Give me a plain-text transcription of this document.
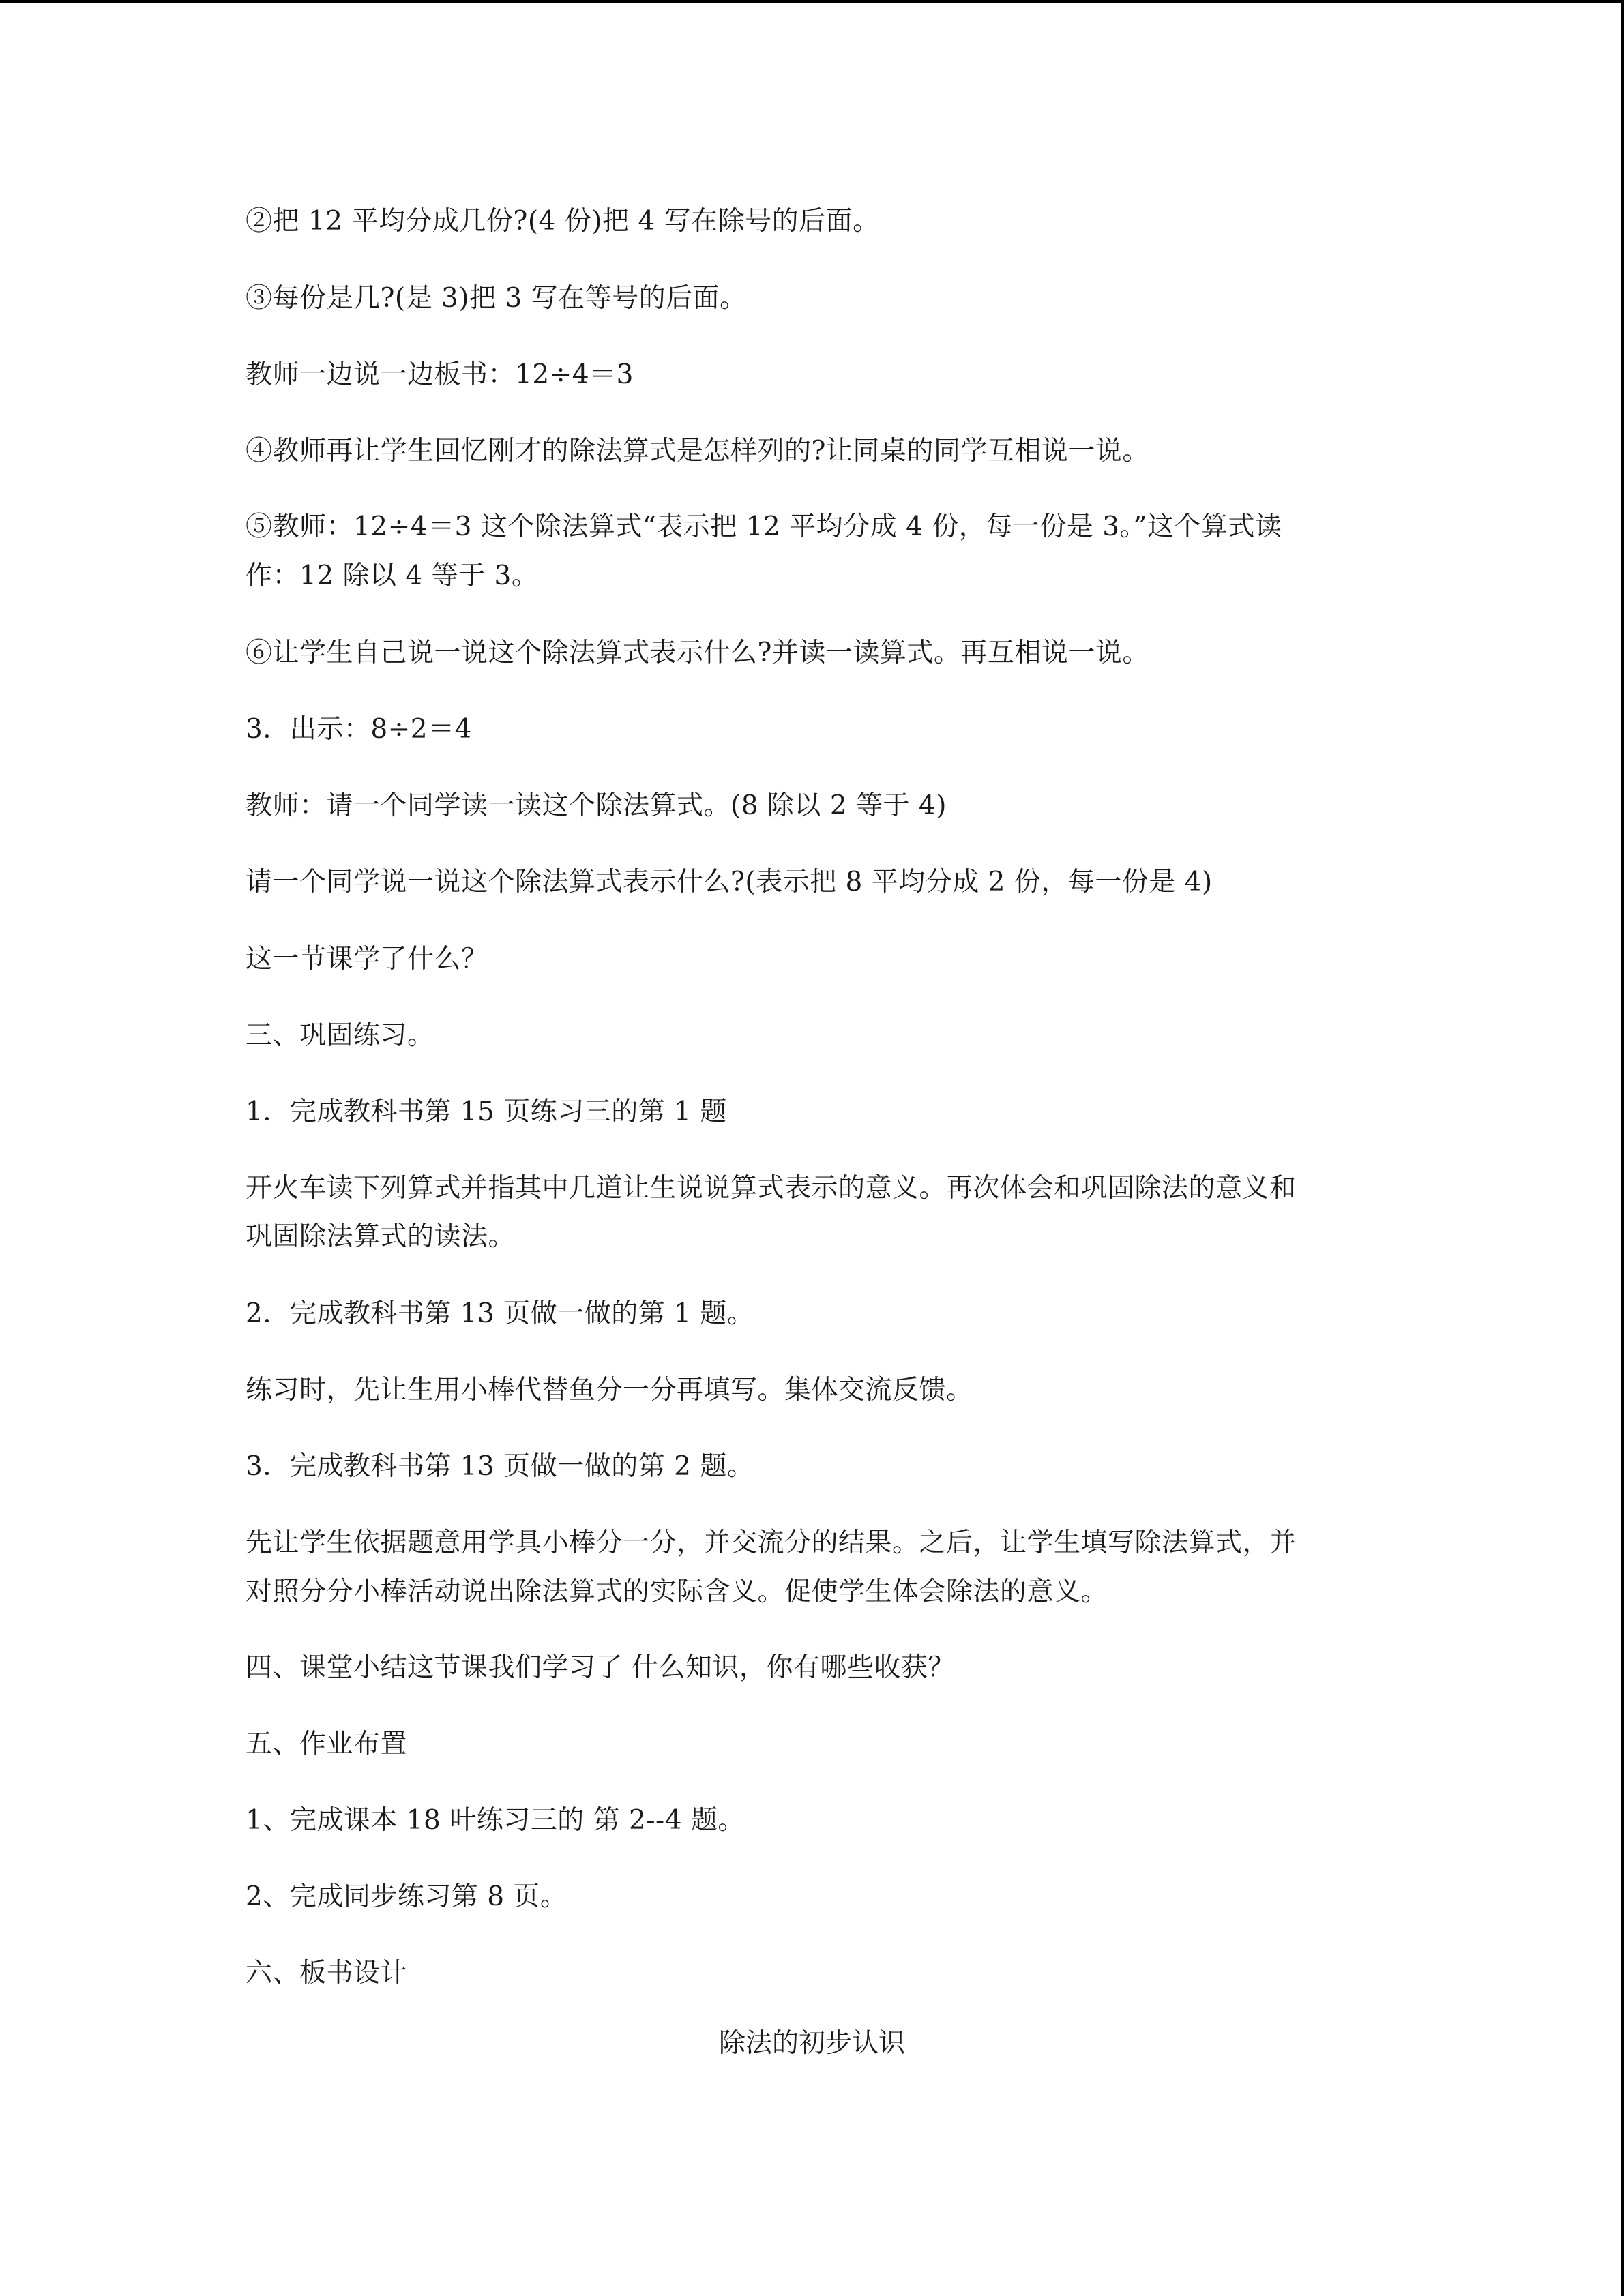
②把 12 平均分成几份?(4 份)把 4 写在除号的后面。
③每份是几?(是 3)把 3 写在等号的后面。
教师一边说一边板书：12÷4＝3
④教师再让学生回忆刚才的除法算式是怎样列的?让同桌的同学互相说一说。
⑤教师：12÷4＝3 这个除法算式“表示把 12 平均分成 4 份，每一份是 3。”这个算式读
作：12 除以 4 等于 3。
⑥让学生自己说一说这个除法算式表示什么?并读一读算式。再互相说一说。
3．出示：8÷2＝4
教师：请一个同学读一读这个除法算式。(8 除以 2 等于 4)
请一个同学说一说这个除法算式表示什么?(表示把 8 平均分成 2 份，每一份是 4)
这一节课学了什么？
三、巩固练习。
1．完成教科书第 15 页练习三的第 1 题
开火车读下列算式并指其中几道让生说说算式表示的意义。再次体会和巩固除法的意义和
巩固除法算式的读法。
2．完成教科书第 13 页做一做的第 1 题。
练习时，先让生用小棒代替鱼分一分再填写。集体交流反馈。
3．完成教科书第 13 页做一做的第 2 题。
先让学生依据题意用学具小棒分一分，并交流分的结果。之后，让学生填写除法算式，并
对照分分小棒活动说出除法算式的实际含义。促使学生体会除法的意义。
四、课堂小结这节课我们学习了 什么知识，你有哪些收获？
五、作业布置
1、完成课本 18 叶练习三的 第 2--4 题。
2、完成同步练习第 8 页。
六、板书设计
除法的初步认识
